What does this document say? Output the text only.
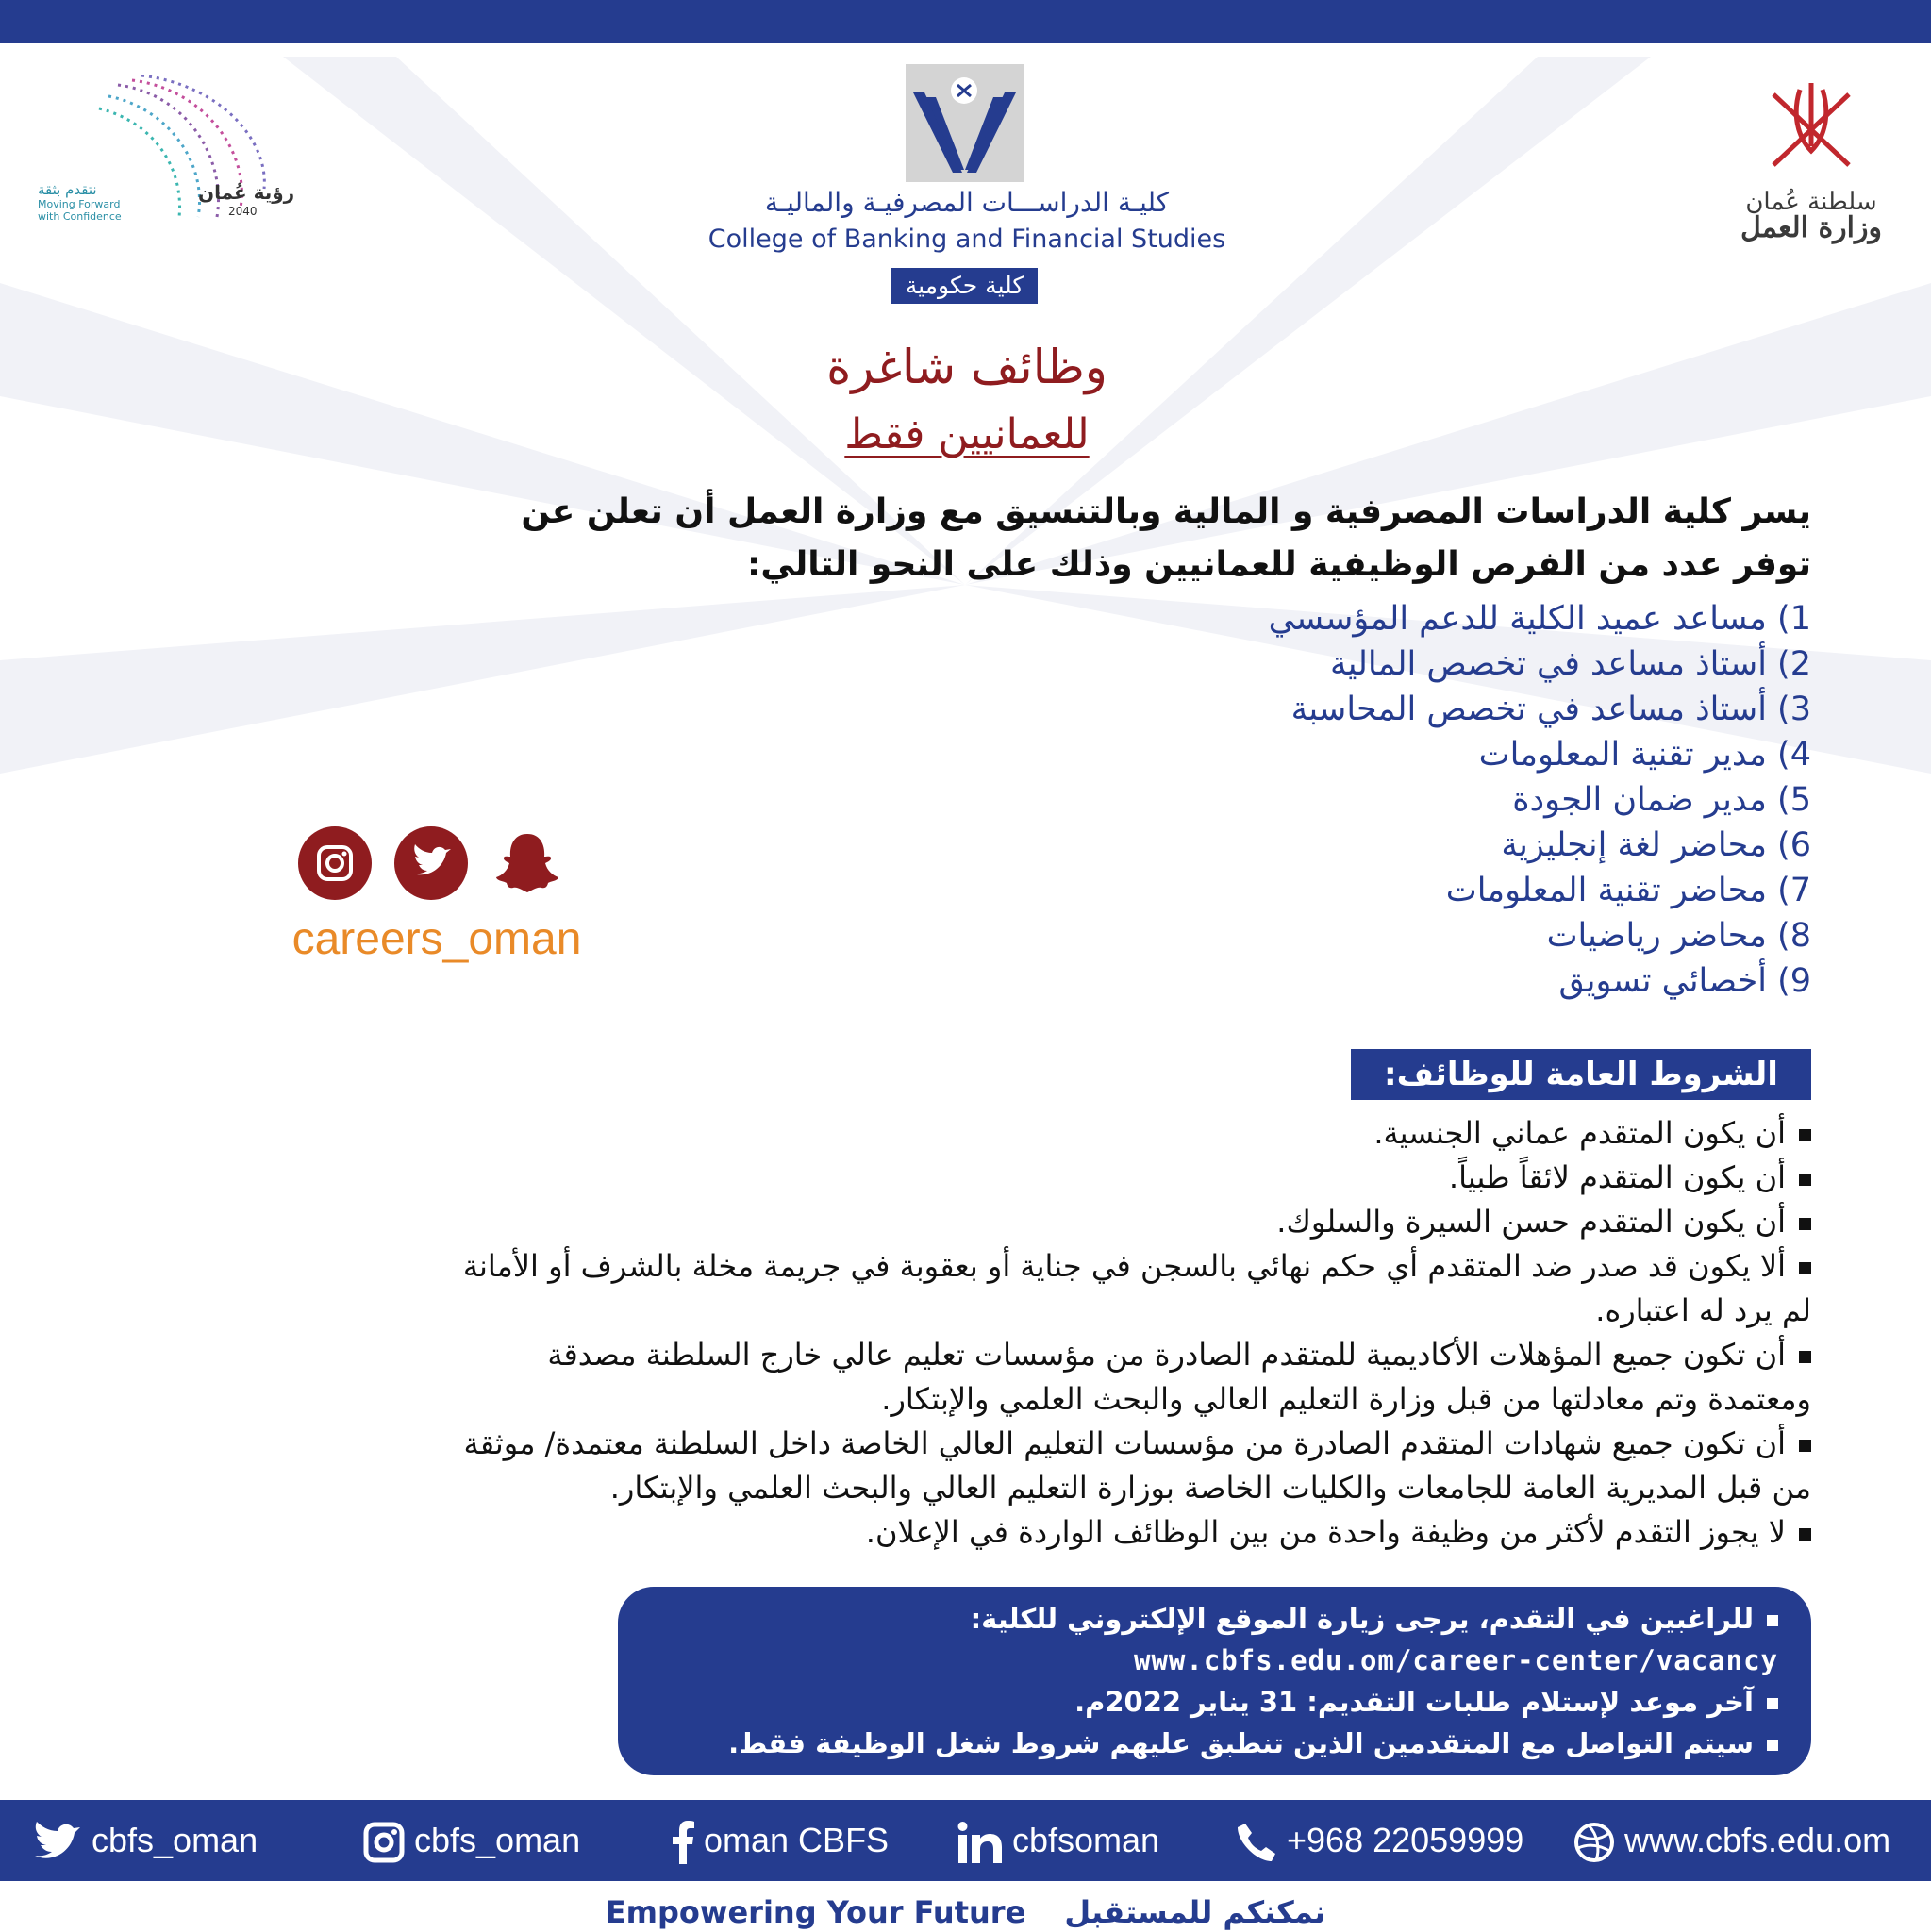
رؤية عُمان
2040
نتقدم بثقة
Moving Forward
with Confidence	كليـة الدراســـات المصرفيـة والماليـة
College of Banking and Financial Studies
كلية حكومية
سلطنة عُمان
وزارة العمل
وظائف شاغرة
للعمانيين فقط
يسر كلية الدراسات المصرفية و المالية وبالتنسيق مع وزارة العمل أن تعلن عن
توفر عدد من الفرص الوظيفية للعمانيين وذلك على النحو التالي:
1) مساعد عميد الكلية للدعم المؤسسي
2) أستاذ مساعد في تخصص المالية
3) أستاذ مساعد في تخصص المحاسبة
4) مدير تقنية المعلومات
5) مدير ضمان الجودة
6) محاضر لغة إنجليزية
7) محاضر تقنية المعلومات
8) محاضر رياضيات
9) أخصائي تسويق
careers_oman
الشروط العامة للوظائف:
أن يكون المتقدم عماني الجنسية.
أن يكون المتقدم لائقاً طبياً.
أن يكون المتقدم حسن السيرة والسلوك.
ألا يكون قد صدر ضد المتقدم أي حكم نهائي بالسجن في جناية أو بعقوبة في جريمة مخلة بالشرف أو الأمانة
لم يرد له اعتباره.
أن تكون جميع المؤهلات الأكاديمية للمتقدم الصادرة من مؤسسات تعليم عالي خارج السلطنة مصدقة
ومعتمدة وتم معادلتها من قبل وزارة التعليم العالي والبحث العلمي والإبتكار.
أن تكون جميع شهادات المتقدم الصادرة من مؤسسات التعليم العالي الخاصة داخل السلطنة معتمدة/ موثقة
من قبل المديرية العامة للجامعات والكليات الخاصة بوزارة التعليم العالي والبحث العلمي والإبتكار.
لا يجوز التقدم لأكثر من وظيفة واحدة من بين الوظائف الواردة في الإعلان.
للراغبين في التقدم، يرجى زيارة الموقع الإلكتروني للكلية:
www.cbfs.edu.om/career-center/vacancy
آخر موعد لإستلام طلبات التقديم: 31 يناير 2022م.
سيتم التواصل مع المتقدمين الذين تنطبق عليهم شروط شغل الوظيفة فقط.
cbfs_oman	cbfs_oman	oman CBFS	cbfsoman	+968 22059999	www.cbfs.edu.om
Empowering Your Future نمكنكم للمستقبل
